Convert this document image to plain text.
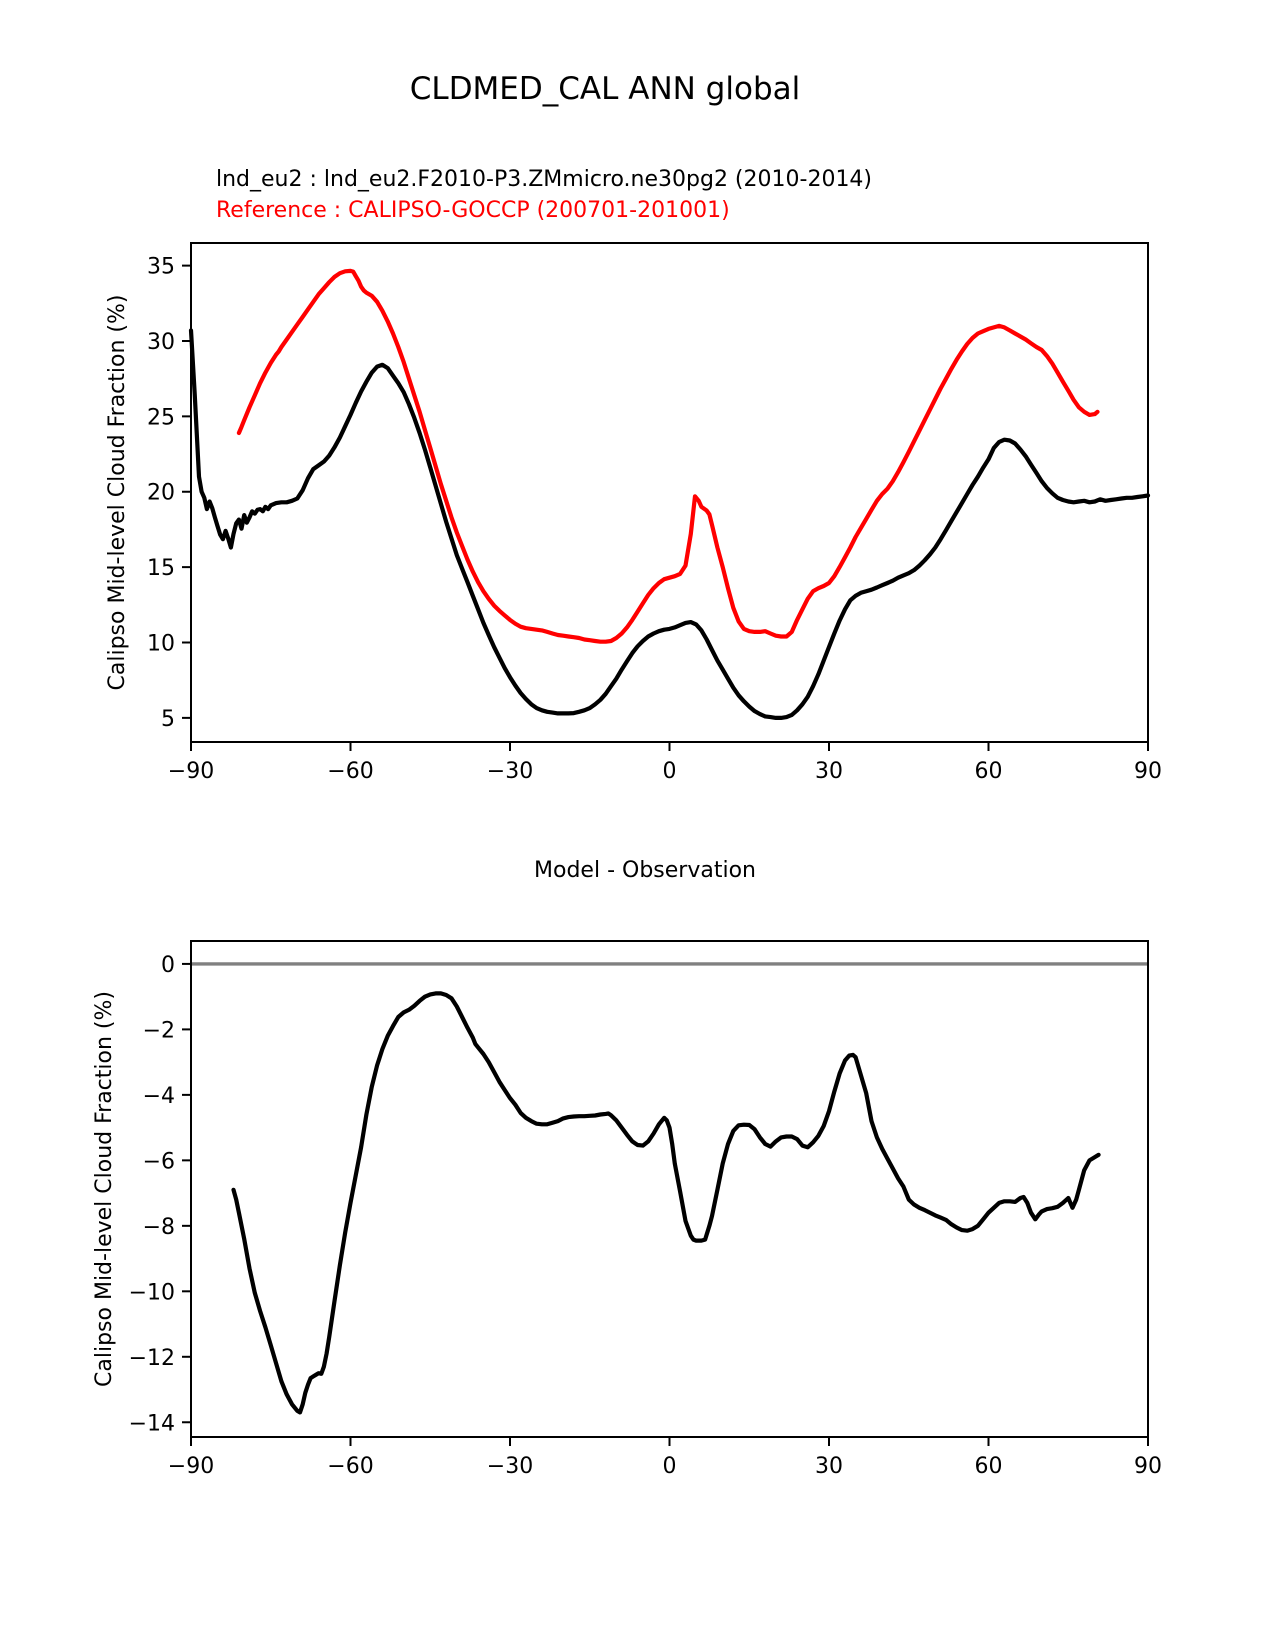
CLDMED_CAL ANN global
lnd_eu2 : lnd_eu2.F2010-P3.ZMmicro.ne30pg2 (2010-2014)
Reference : CALIPSO-GOCCP (200701-201001)
Model - Observation
−90	−60	−30	0	30	60	90
5
10
15
20
25
30
35
Calipso Mid-level Cloud Fraction (%)
−90	−60	−30	0	30	60	90
0
−2
−4
−6
−8
−10
−12
−14
Calipso Mid-level Cloud Fraction (%)
